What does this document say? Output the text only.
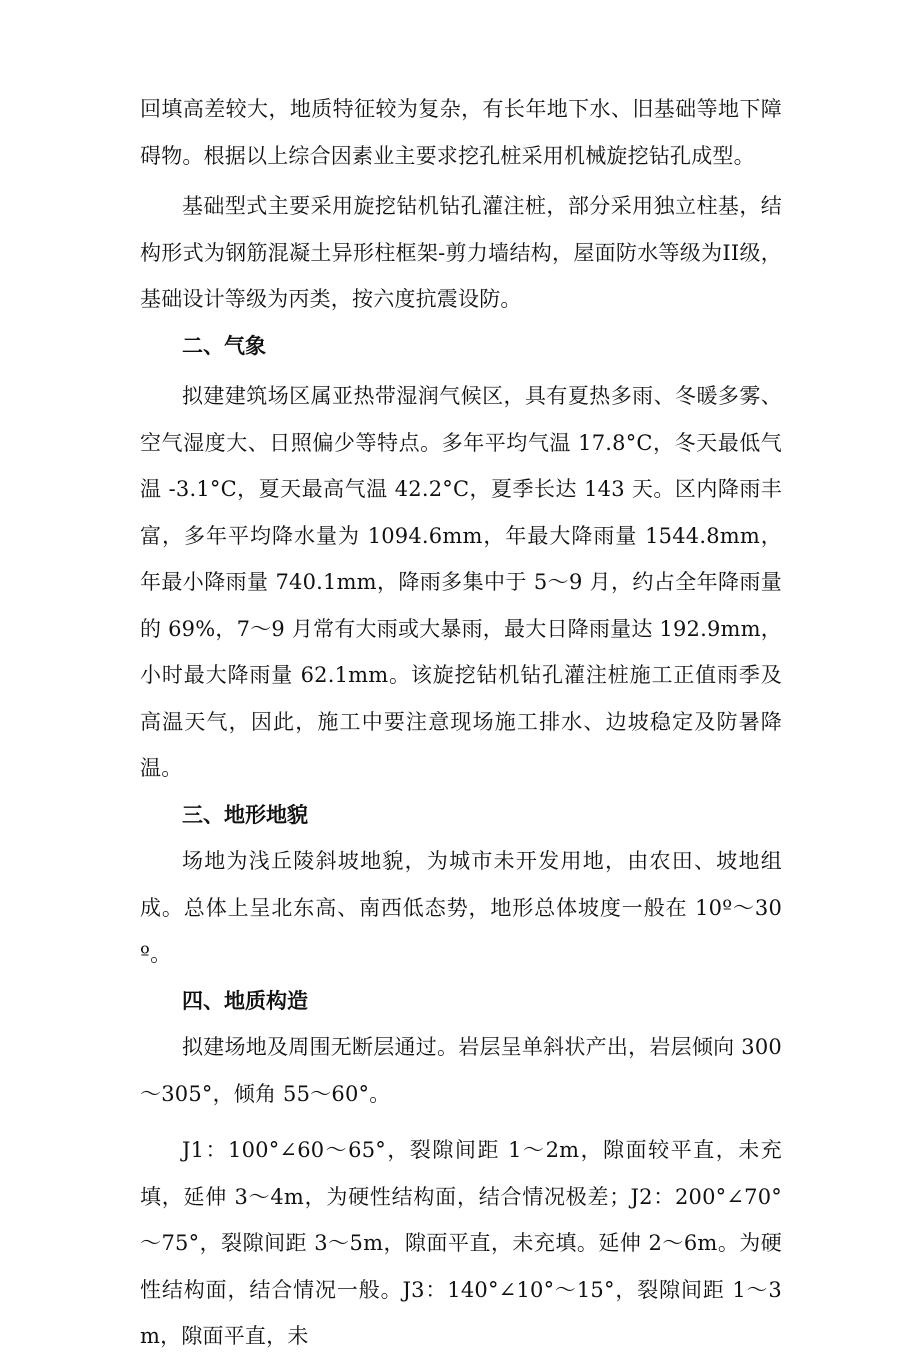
回填高差较大，地质特征较为复杂，有长年地下水、旧基础等地下障碍物。根据以上综合因素业主要求挖孔桩采用机械旋挖钻孔成型。

基础型式主要采用旋挖钻机钻孔灌注桩，部分采用独立柱基，结构形式为钢筋混凝土异形柱框架-剪力墙结构，屋面防水等级为II级，基础设计等级为丙类，按六度抗震设防。

二、气象

拟建建筑场区属亚热带湿润气候区，具有夏热多雨、冬暖多雾、空气湿度大、日照偏少等特点。多年平均气温 17.8°C，冬天最低气温 -3.1°C，夏天最高气温 42.2°C，夏季长达 143 天。区内降雨丰富，多年平均降水量为 1094.6mm，年最大降雨量 1544.8mm，年最小降雨量 740.1mm，降雨多集中于 5～9 月，约占全年降雨量的 69%，7～9 月常有大雨或大暴雨，最大日降雨量达 192.9mm，小时最大降雨量 62.1mm。该旋挖钻机钻孔灌注桩施工正值雨季及高温天气，因此，施工中要注意现场施工排水、边坡稳定及防暑降温。

三、地形地貌

场地为浅丘陵斜坡地貌，为城市未开发用地，由农田、坡地组成。总体上呈北东高、南西低态势，地形总体坡度一般在 10º～30º。

四、地质构造

拟建场地及周围无断层通过。岩层呈单斜状产出，岩层倾向 300～305°，倾角 55～60°。

J1：100°∠60～65°，裂隙间距 1～2m，隙面较平直，未充填，延伸 3～4m，为硬性结构面，结合情况极差；J2：200°∠70°～75°，裂隙间距 3～5m，隙面平直，未充填。延伸 2～6m。为硬性结构面，结合情况一般。J3：140°∠10°～15°，裂隙间距 1～3m，隙面平直，未
